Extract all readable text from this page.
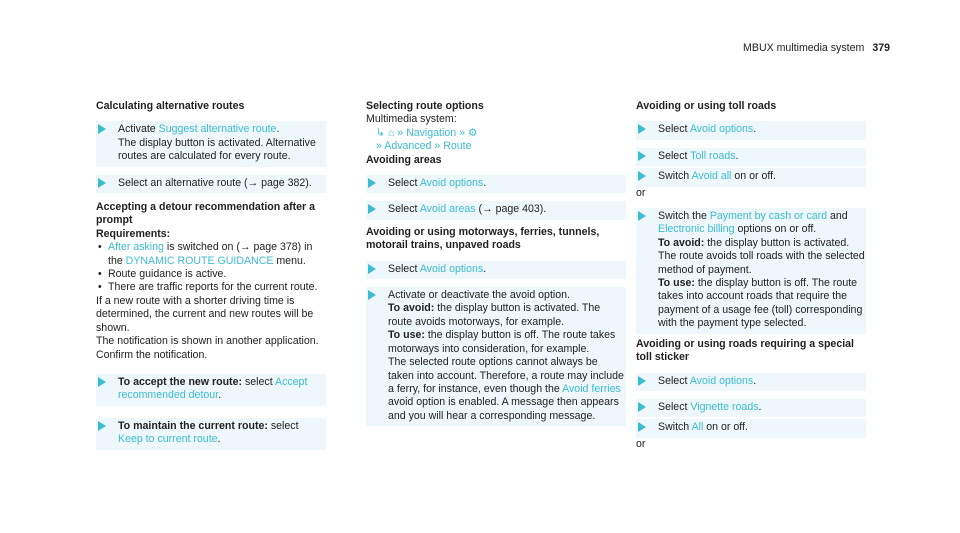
MBUX multimedia system 379
Calculating alternative routes
Activate Suggest alternative route.
The display button is activated. Alternative routes are calculated for every route.
Select an alternative route (→ page 382).
Accepting a detour recommendation after a prompt
Requirements:
• After asking is switched on (→ page 378) in the DYNAMIC ROUTE GUIDANCE menu.
• Route guidance is active.
• There are traffic reports for the current route.

If a new route with a shorter driving time is determined, the current and new routes will be shown.

The notification is shown in another application. Confirm the notification.

To accept the new route: select Accept recommended detour.
To maintain the current route: select Keep to current route.
Selecting route options
Multimedia system:
↳ ⌂ » Navigation » ⚙
» Advanced » Route
Avoiding areas
Select Avoid options.
Select Avoid areas (→ page 403).
Avoiding or using motorways, ferries, tunnels, motorail trains, unpaved roads
Select Avoid options.
Activate or deactivate the avoid option.
To avoid: the display button is activated. The route avoids motorways, for example.
To use: the display button is off. The route takes motorways into consideration, for example.
The selected route options cannot always be taken into account. Therefore, a route may include a ferry, for instance, even though the Avoid ferries avoid option is enabled. A message then appears and you will hear a corresponding message.
Avoiding or using toll roads
Select Avoid options.
Select Toll roads.
Switch Avoid all on or off.
or
Switch the Payment by cash or card and Electronic billing options on or off.
To avoid: the display button is activated. The route avoids toll roads with the selected method of payment.
To use: the display button is off. The route takes into account roads that require the payment of a usage fee (toll) corresponding with the payment type selected.
Avoiding or using roads requiring a special toll sticker
Select Avoid options.
Select Vignette roads.
Switch All on or off.
or
